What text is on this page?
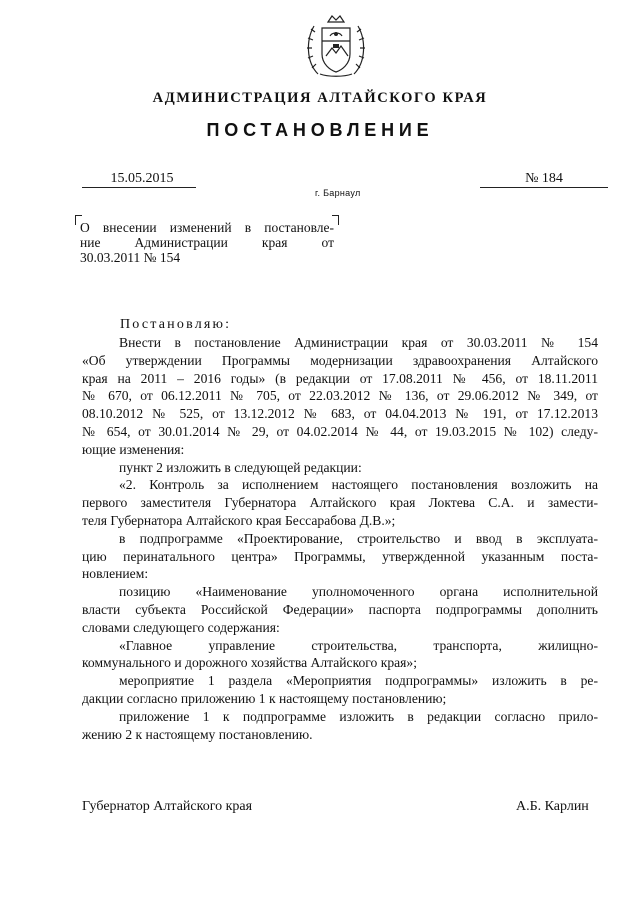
АДМИНИСТРАЦИЯ АЛТАЙСКОГО КРАЯ
ПОСТАНОВЛЕНИЕ
15.05.2015	№ 184
г. Барнаул
О внесении изменений в постановле-
ние Администрации края от
30.03.2011 № 154
Постановляю:
Внести в постановление Администрации края от 30.03.2011 № 154
«Об утверждении Программы модернизации здравоохранения Алтайского
края на 2011 – 2016 годы» (в редакции от 17.08.2011 № 456, от 18.11.2011
№ 670, от 06.12.2011 № 705, от 22.03.2012 № 136, от 29.06.2012 № 349, от
08.10.2012 № 525, от 13.12.2012 № 683, от 04.04.2013 № 191, от 17.12.2013
№ 654, от 30.01.2014 № 29, от 04.02.2014 № 44, от 19.03.2015 № 102) следу-
ющие изменения:
пункт 2 изложить в следующей редакции:
«2. Контроль за исполнением настоящего постановления возложить на
первого заместителя Губернатора Алтайского края Локтева С.А. и замести-
теля Губернатора Алтайского края Бессарабова Д.В.»;
в подпрограмме «Проектирование, строительство и ввод в эксплуата-
цию перинатального центра» Программы, утвержденной указанным поста-
новлением:
позицию «Наименование уполномоченного органа исполнительной
власти субъекта Российской Федерации» паспорта подпрограммы дополнить
словами следующего содержания:
«Главное управление строительства, транспорта, жилищно-
коммунального и дорожного хозяйства Алтайского края»;
мероприятие 1 раздела «Мероприятия подпрограммы» изложить в ре-
дакции согласно приложению 1 к настоящему постановлению;
приложение 1 к подпрограмме изложить в редакции согласно прило-
жению 2 к настоящему постановлению.
Губернатор Алтайского края	А.Б. Карлин
